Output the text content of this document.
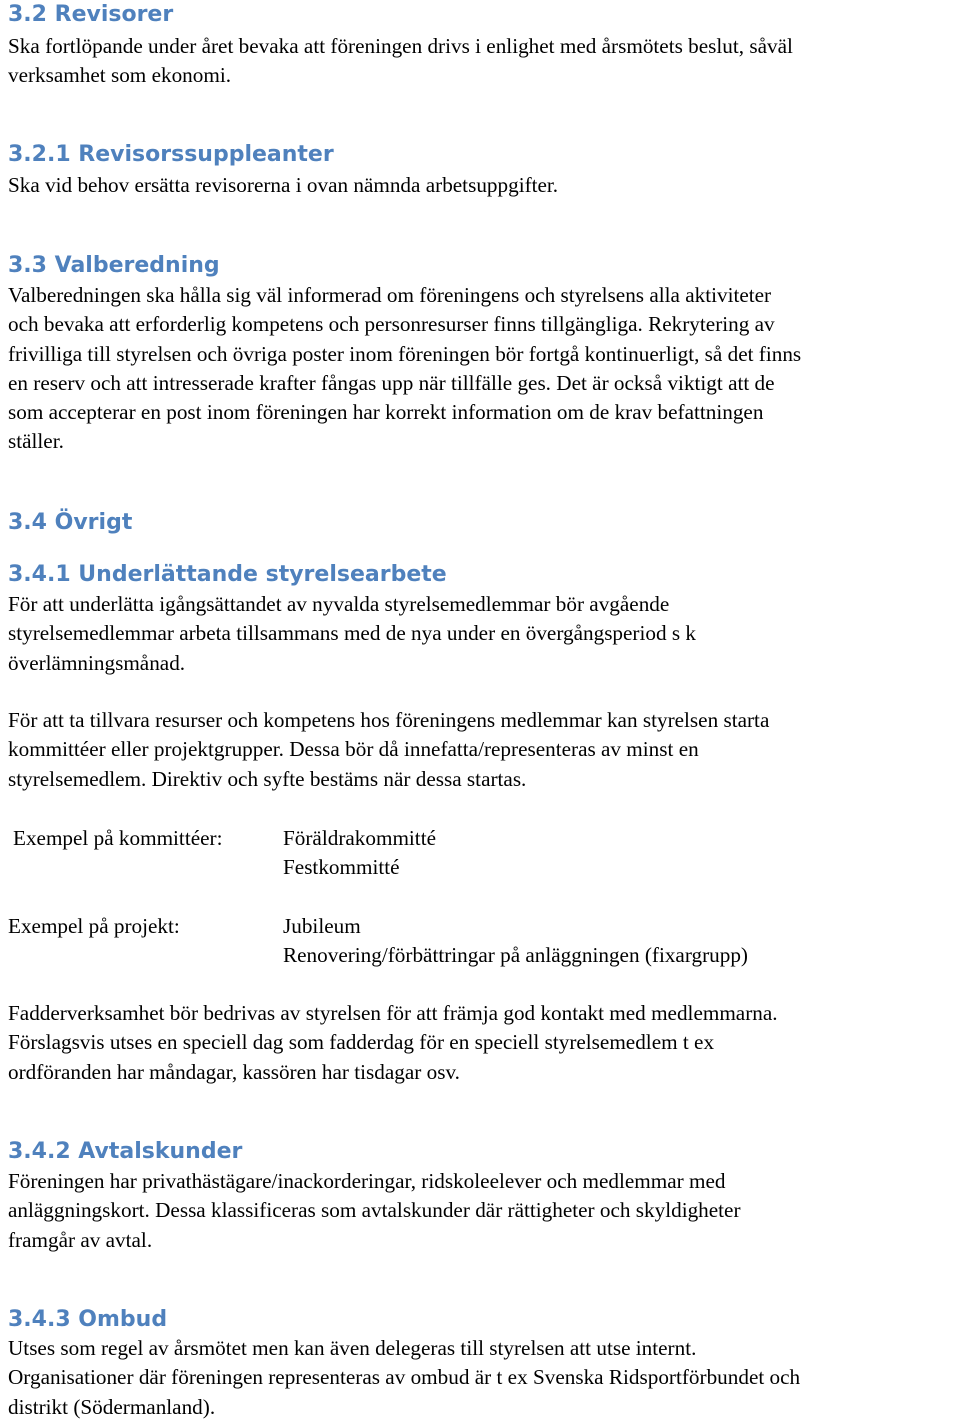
3.2 Revisorer
Ska fortlöpande under året bevaka att föreningen drivs i enlighet med årsmötets beslut, såväl
verksamhet som ekonomi.
3.2.1 Revisorssuppleanter
Ska vid behov ersätta revisorerna i ovan nämnda arbetsuppgifter.
3.3 Valberedning
Valberedningen ska hålla sig väl informerad om föreningens och styrelsens alla aktiviteter
och bevaka att erforderlig kompetens och personresurser finns tillgängliga. Rekrytering av
frivilliga till styrelsen och övriga poster inom föreningen bör fortgå kontinuerligt, så det finns
en reserv och att intresserade krafter fångas upp när tillfälle ges. Det är också viktigt att de
som accepterar en post inom föreningen har korrekt information om de krav befattningen
ställer.
3.4 Övrigt
3.4.1 Underlättande styrelsearbete
För att underlätta igångsättandet av nyvalda styrelsemedlemmar bör avgående
styrelsemedlemmar arbeta tillsammans med de nya under en övergångsperiod s k
överlämningsmånad.
För att ta tillvara resurser och kompetens hos föreningens medlemmar kan styrelsen starta
kommittéer eller projektgrupper. Dessa bör då innefatta/representeras av minst en
styrelsemedlem. Direktiv och syfte bestäms när dessa startas.
Exempel på kommittéer:	Föräldrakommitté
Festkommitté
Exempel på projekt:	Jubileum
Renovering/förbättringar på anläggningen (fixargrupp)
Fadderverksamhet bör bedrivas av styrelsen för att främja god kontakt med medlemmarna.
Förslagsvis utses en speciell dag som fadderdag för en speciell styrelsemedlem t ex
ordföranden har måndagar, kassören har tisdagar osv.
3.4.2 Avtalskunder
Föreningen har privathästägare/inackorderingar, ridskoleelever och medlemmar med
anläggningskort. Dessa klassificeras som avtalskunder där rättigheter och skyldigheter
framgår av avtal.
3.4.3 Ombud
Utses som regel av årsmötet men kan även delegeras till styrelsen att utse internt.
Organisationer där föreningen representeras av ombud är t ex Svenska Ridsportförbundet och
distrikt (Södermanland).
